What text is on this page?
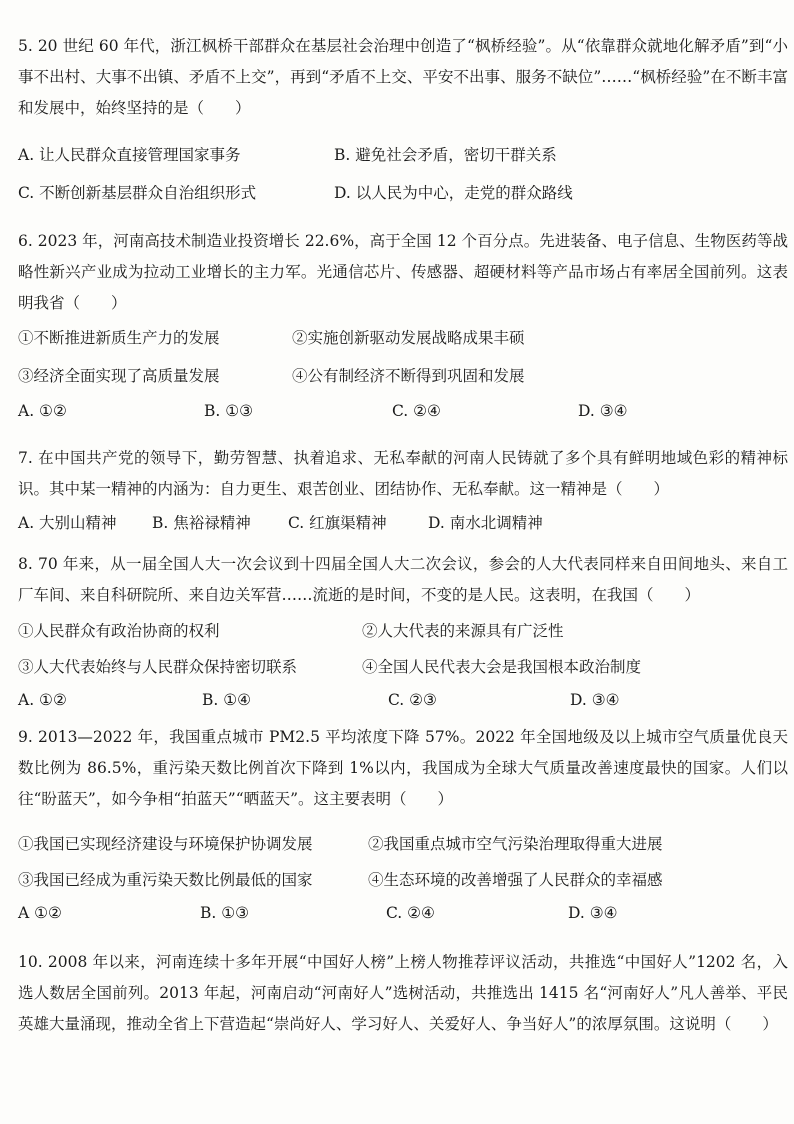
5. 20 世纪 60 年代，浙江枫桥干部群众在基层社会治理中创造了“枫桥经验”。从“依靠群众就地化解矛盾”到“小事不出村、大事不出镇、矛盾不上交”，再到“矛盾不上交、平安不出事、服务不缺位”……“枫桥经验”在不断丰富和发展中，始终坚持的是（　　）

A. 让人民群众直接管理国家事务	B. 避免社会矛盾，密切干群关系
C. 不断创新基层群众自治组织形式	D. 以人民为中心，走党的群众路线

6. 2023 年，河南高技术制造业投资增长 22.6%，高于全国 12 个百分点。先进装备、电子信息、生物医药等战略性新兴产业成为拉动工业增长的主力军。光通信芯片、传感器、超硬材料等产品市场占有率居全国前列。这表明我省（　　）

①不断推进新质生产力的发展	②实施创新驱动发展战略成果丰硕
③经济全面实现了高质量发展	④公有制经济不断得到巩固和发展
A. ①②	B. ①③	C. ②④	D. ③④

7. 在中国共产党的领导下，勤劳智慧、执着追求、无私奉献的河南人民铸就了多个具有鲜明地域色彩的精神标识。其中某一精神的内涵为：自力更生、艰苦创业、团结协作、无私奉献。这一精神是（　　）

A. 大别山精神 B. 焦裕禄精神 C. 红旗渠精神	D. 南水北调精神

8. 70 年来，从一届全国人大一次会议到十四届全国人大二次会议，参会的人大代表同样来自田间地头、来自工厂车间、来自科研院所、来自边关军营……流逝的是时间，不变的是人民。这表明，在我国（　　）

①人民群众有政治协商的权利	②人大代表的来源具有广泛性
③人大代表始终与人民群众保持密切联系	④全国人民代表大会是我国根本政治制度
A. ①②	B. ①④	C. ②③	D. ③④

9. 2013—2022 年，我国重点城市 PM2.5 平均浓度下降 57%。2022 年全国地级及以上城市空气质量优良天数比例为 86.5%，重污染天数比例首次下降到 1%以内，我国成为全球大气质量改善速度最快的国家。人们以往“盼蓝天”，如今争相“拍蓝天”“晒蓝天”。这主要表明（　　）

①我国已实现经济建设与环境保护协调发展	②我国重点城市空气污染治理取得重大进展
③我国已经成为重污染天数比例最低的国家	④生态环境的改善增强了人民群众的幸福感
A ①②	B. ①③	C. ②④	D. ③④

10. 2008 年以来，河南连续十多年开展“中国好人榜”上榜人物推荐评议活动，共推选“中国好人”1202 名，入选人数居全国前列。2013 年起，河南启动“河南好人”选树活动，共推选出 1415 名“河南好人”凡人善举、平民英雄大量涌现，推动全省上下营造起“崇尚好人、学习好人、关爱好人、争当好人”的浓厚氛围。这说明（　　）
